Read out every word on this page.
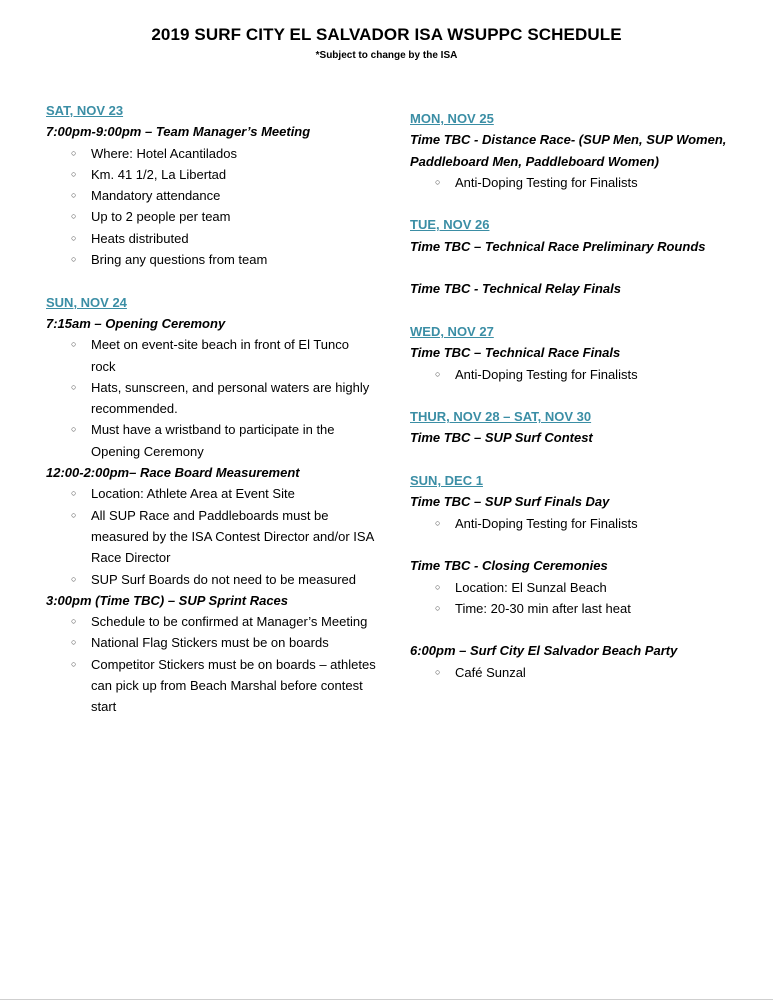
2019 SURF CITY EL SALVADOR ISA WSUPPC SCHEDULE
*Subject to change by the ISA
SAT, NOV 23
7:00pm-9:00pm – Team Manager’s Meeting
○ Where: Hotel Acantilados
○ Km. 41 1/2, La Libertad
○ Mandatory attendance
○ Up to 2 people per team
○ Heats distributed
○ Bring any questions from team
SUN, NOV 24
7:15am – Opening Ceremony
○ Meet on event-site beach in front of El Tunco rock
○ Hats, sunscreen, and personal waters are highly recommended.
○ Must have a wristband to participate in the Opening Ceremony
12:00-2:00pm– Race Board Measurement
○ Location: Athlete Area at Event Site
○ All SUP Race and Paddleboards must be measured by the ISA Contest Director and/or ISA Race Director
○ SUP Surf Boards do not need to be measured
3:00pm (Time TBC) – SUP Sprint Races
○ Schedule to be confirmed at Manager’s Meeting
○ National Flag Stickers must be on boards
○ Competitor Stickers must be on boards – athletes can pick up from Beach Marshal before contest start
MON, NOV 25
Time TBC - Distance Race- (SUP Men, SUP Women, Paddleboard Men, Paddleboard Women)
○ Anti-Doping Testing for Finalists
TUE, NOV 26
Time TBC – Technical Race Preliminary Rounds
Time TBC - Technical Relay Finals
WED, NOV 27
Time TBC – Technical Race Finals
○ Anti-Doping Testing for Finalists
THUR, NOV 28 – SAT, NOV 30
Time TBC – SUP Surf Contest
SUN, DEC 1
Time TBC – SUP Surf Finals Day
○ Anti-Doping Testing for Finalists
Time TBC - Closing Ceremonies
○ Location: El Sunzal Beach
○ Time: 20-30 min after last heat
6:00pm – Surf City El Salvador Beach Party
○ Café Sunzal
